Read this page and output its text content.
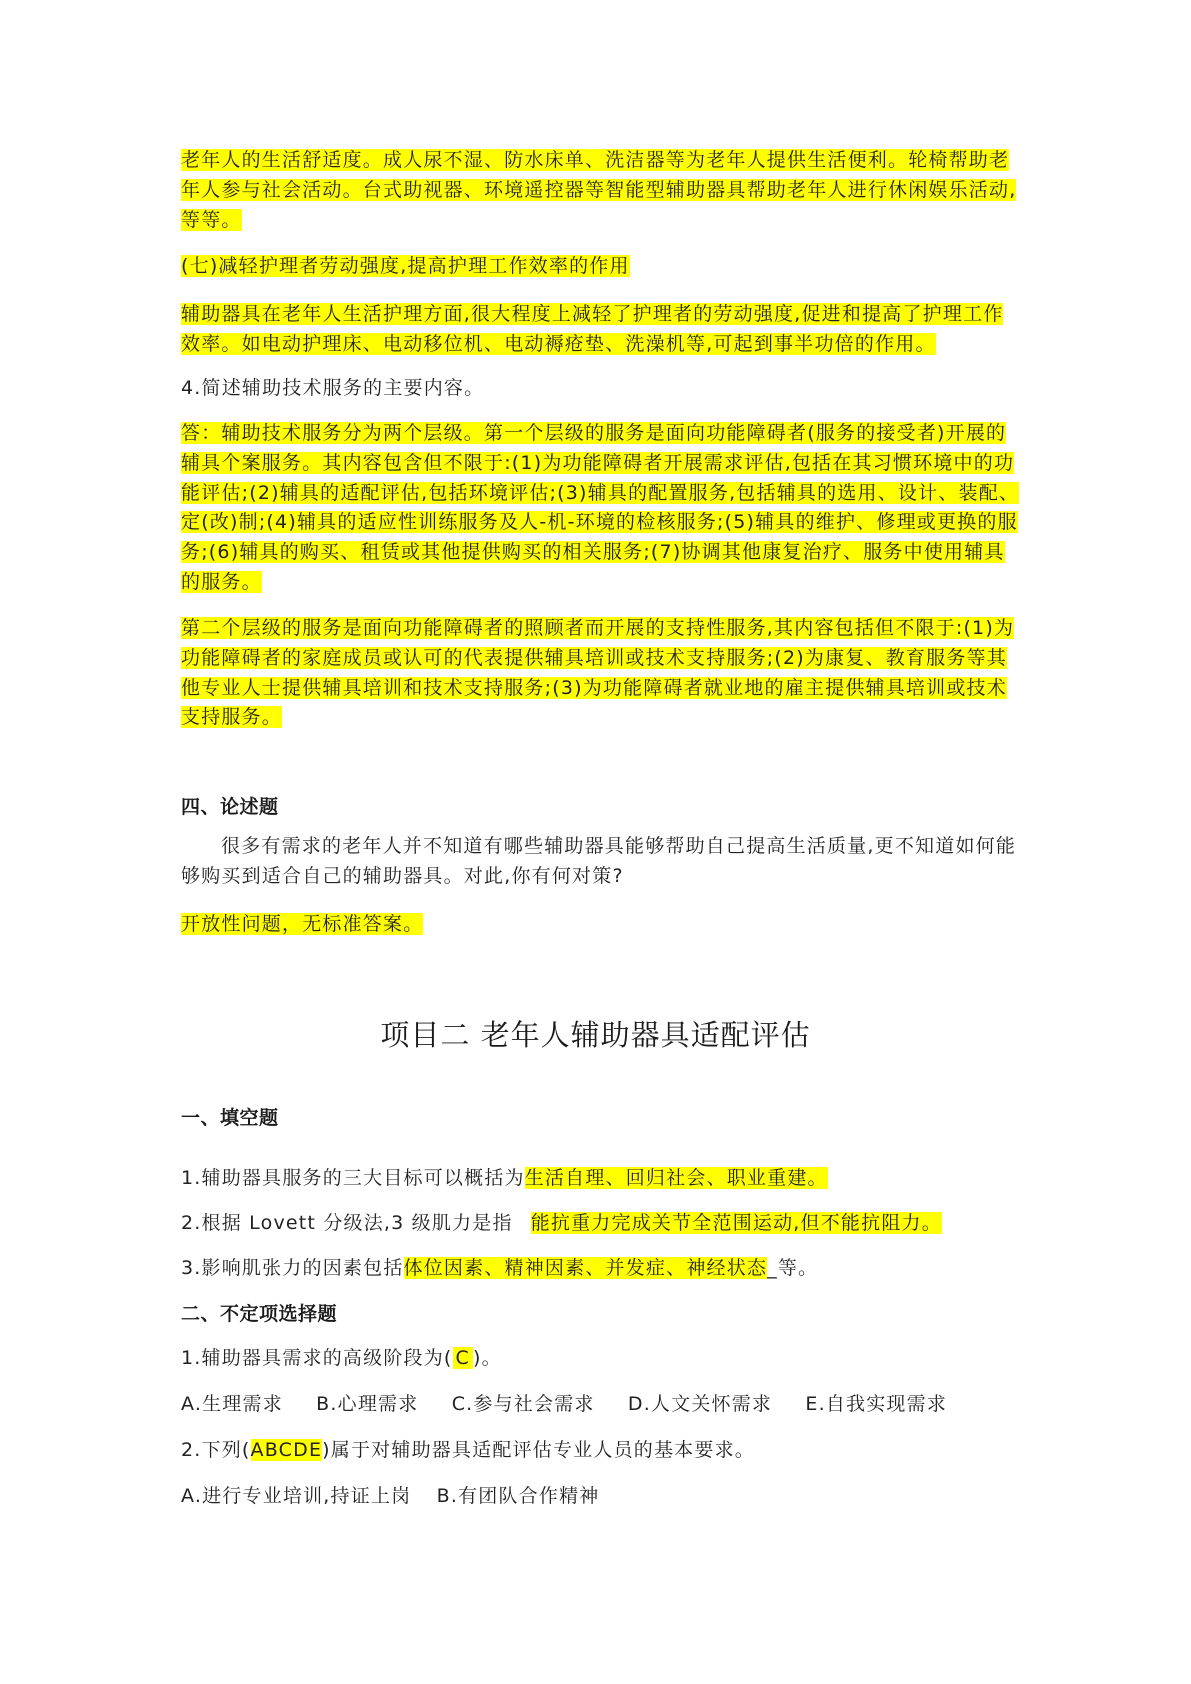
老年人的生活舒适度。成人尿不湿、防水床单、洗洁器等为老年人提供生活便利。轮椅帮助老年人参与社会活动。台式助视器、环境遥控器等智能型辅助器具帮助老年人进行休闲娱乐活动,等等。

(七)减轻护理者劳动强度,提高护理工作效率的作用

辅助器具在老年人生活护理方面,很大程度上减轻了护理者的劳动强度,促进和提高了护理工作效率。如电动护理床、电动移位机、电动褥疮垫、洗澡机等,可起到事半功倍的作用。

4.简述辅助技术服务的主要内容。

答：辅助技术服务分为两个层级。第一个层级的服务是面向功能障碍者(服务的接受者)开展的辅具个案服务。其内容包含但不限于:(1)为功能障碍者开展需求评估,包括在其习惯环境中的功能评估;(2)辅具的适配评估,包括环境评估;(3)辅具的配置服务,包括辅具的选用、设计、装配、定(改)制;(4)辅具的适应性训练服务及人-机-环境的检核服务;(5)辅具的维护、修理或更换的服务;(6)辅具的购买、租赁或其他提供购买的相关服务;(7)协调其他康复治疗、服务中使用辅具的服务。

第二个层级的服务是面向功能障碍者的照顾者而开展的支持性服务,其内容包括但不限于:(1)为功能障碍者的家庭成员或认可的代表提供辅具培训或技术支持服务;(2)为康复、教育服务等其他专业人士提供辅具培训和技术支持服务;(3)为功能障碍者就业地的雇主提供辅具培训或技术支持服务。

四、论述题

很多有需求的老年人并不知道有哪些辅助器具能够帮助自己提高生活质量,更不知道如何能够购买到适合自己的辅助器具。对此,你有何对策?

开放性问题，无标准答案。

项目二 老年人辅助器具适配评估

一、填空题

1.辅助器具服务的三大目标可以概括为生活自理、回归社会、职业重建。

2.根据 Lovett 分级法,3 级肌力是指 能抗重力完成关节全范围运动,但不能抗阻力。

3.影响肌张力的因素包括体位因素、精神因素、并发症、神经状态_等。

二、不定项选择题

1.辅助器具需求的高级阶段为( C )。

A.生理需求 B.心理需求 C.参与社会需求 D.人文关怀需求 E.自我实现需求

2.下列(ABCDE)属于对辅助器具适配评估专业人员的基本要求。

A.进行专业培训,持证上岗 B.有团队合作精神
